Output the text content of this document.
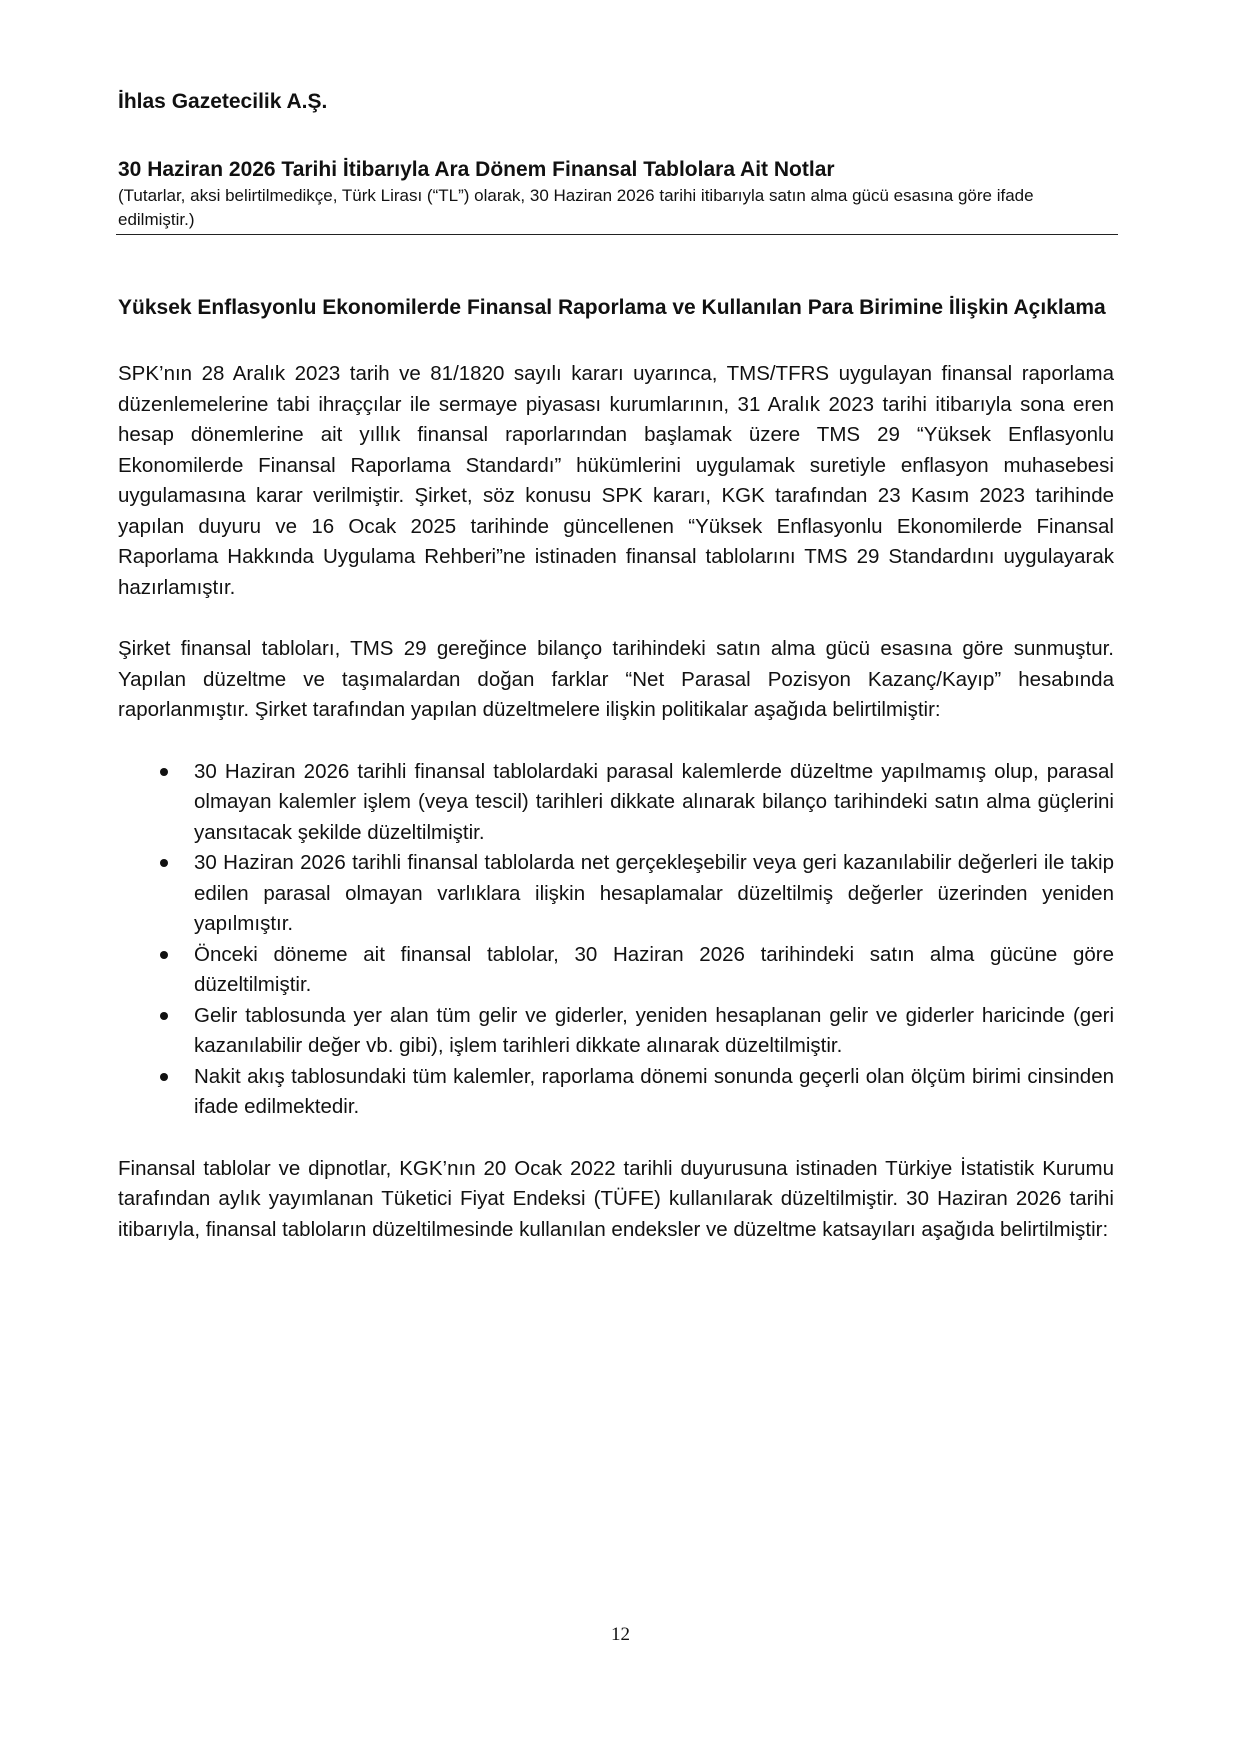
İhlas Gazetecilik A.Ş.

30 Haziran 2026 Tarihi İtibarıyla Ara Dönem Finansal Tablolara Ait Notlar

(Tutarlar, aksi belirtilmedikçe, Türk Lirası (“TL”) olarak, 30 Haziran 2026 tarihi itibarıyla satın alma gücü esasına göre ifade edilmiştir.)

Yüksek Enflasyonlu Ekonomilerde Finansal Raporlama ve Kullanılan Para Birimine İlişkin Açıklama

SPK’nın 28 Aralık 2023 tarih ve 81/1820 sayılı kararı uyarınca, TMS/TFRS uygulayan finansal raporlama düzenlemelerine tabi ihraççılar ile sermaye piyasası kurumlarının, 31 Aralık 2023 tarihi itibarıyla sona eren hesap dönemlerine ait yıllık finansal raporlarından başlamak üzere TMS 29 “Yüksek Enflasyonlu Ekonomilerde Finansal Raporlama Standardı” hükümlerini uygulamak suretiyle enflasyon muhasebesi uygulamasına karar verilmiştir. Şirket, söz konusu SPK kararı, KGK tarafından 23 Kasım 2023 tarihinde yapılan duyuru ve 16 Ocak 2025 tarihinde güncellenen “Yüksek Enflasyonlu Ekonomilerde Finansal Raporlama Hakkında Uygulama Rehberi”ne istinaden finansal tablolarını TMS 29 Standardını uygulayarak hazırlamıştır.

Şirket finansal tabloları, TMS 29 gereğince bilanço tarihindeki satın alma gücü esasına göre sunmuştur. Yapılan düzeltme ve taşımalardan doğan farklar “Net Parasal Pozisyon Kazanç/Kayıp” hesabında raporlanmıştır. Şirket tarafından yapılan düzeltmelere ilişkin politikalar aşağıda belirtilmiştir:

30 Haziran 2026 tarihli finansal tablolardaki parasal kalemlerde düzeltme yapılmamış olup, parasal olmayan kalemler işlem (veya tescil) tarihleri dikkate alınarak bilanço tarihindeki satın alma güçlerini yansıtacak şekilde düzeltilmiştir.
30 Haziran 2026 tarihli finansal tablolarda net gerçekleşebilir veya geri kazanılabilir değerleri ile takip edilen parasal olmayan varlıklara ilişkin hesaplamalar düzeltilmiş değerler üzerinden yeniden yapılmıştır.
Önceki döneme ait finansal tablolar, 30 Haziran 2026 tarihindeki satın alma gücüne göre düzeltilmiştir.
Gelir tablosunda yer alan tüm gelir ve giderler, yeniden hesaplanan gelir ve giderler haricinde (geri kazanılabilir değer vb. gibi), işlem tarihleri dikkate alınarak düzeltilmiştir.
Nakit akış tablosundaki tüm kalemler, raporlama dönemi sonunda geçerli olan ölçüm birimi cinsinden ifade edilmektedir.

Finansal tablolar ve dipnotlar, KGK’nın 20 Ocak 2022 tarihli duyurusuna istinaden Türkiye İstatistik Kurumu tarafından aylık yayımlanan Tüketici Fiyat Endeksi (TÜFE) kullanılarak düzeltilmiştir. 30 Haziran 2026 tarihi itibarıyla, finansal tabloların düzeltilmesinde kullanılan endeksler ve düzeltme katsayıları aşağıda belirtilmiştir:

12
